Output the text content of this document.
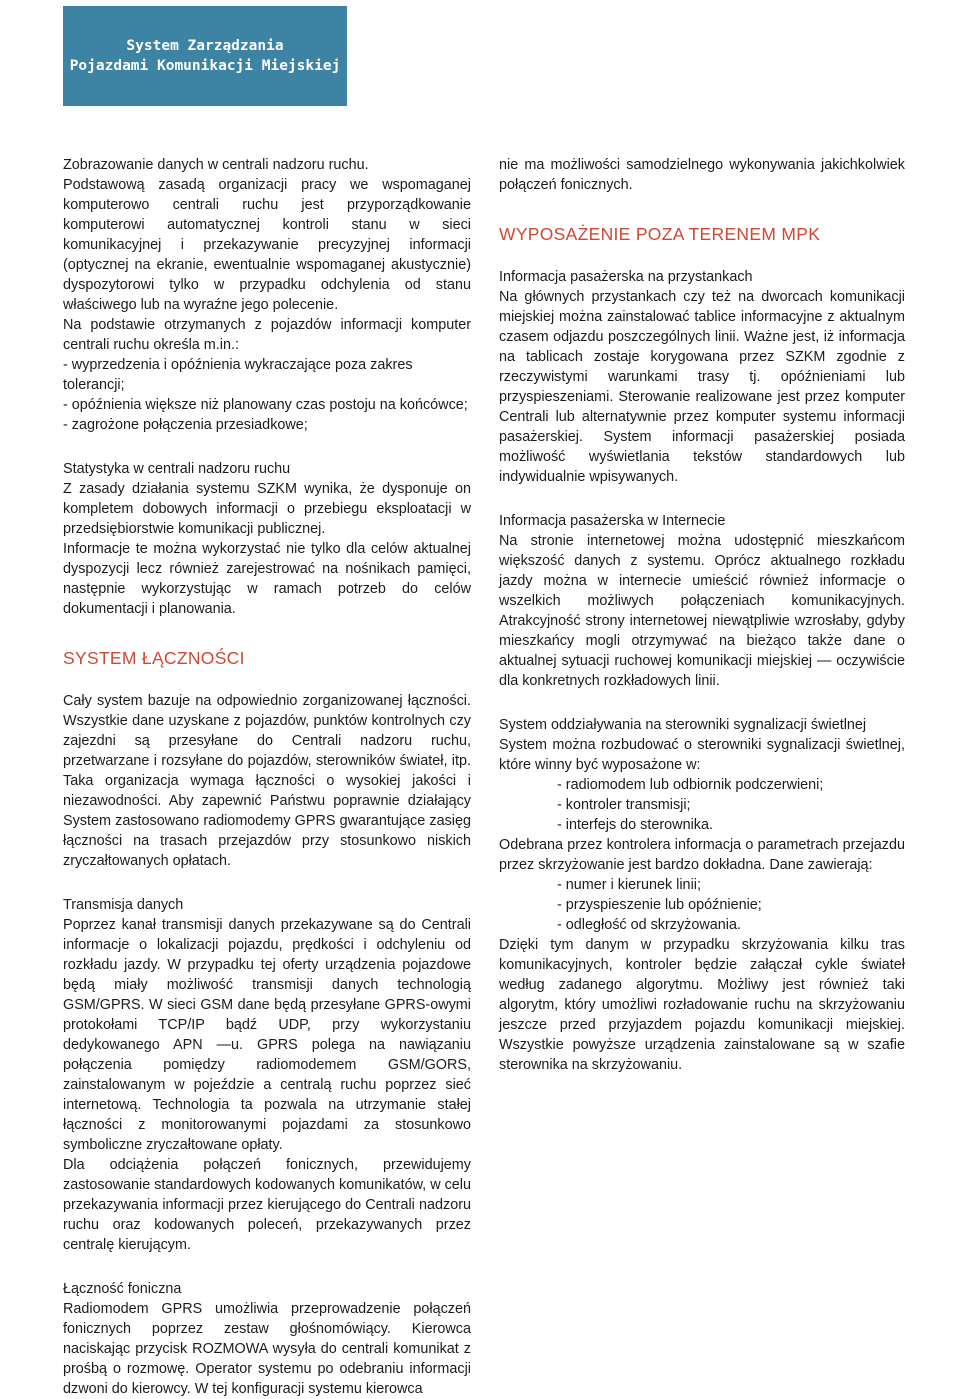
System Zarządzania
Pojazdami Komunikacji Miejskiej

Zobrazowanie danych w centrali nadzoru ruchu.

Podstawową zasadą organizacji pracy we wspomaganej komputerowo centrali ruchu jest przyporządkowanie komputerowi automatycznej kontroli stanu w sieci komunikacyjnej i przekazywanie precyzyjnej informacji (optycznej na ekranie, ewentualnie wspomaganej akustycznie) dyspozytorowi tylko w przypadku odchylenia od stanu właściwego lub na wyraźne jego polecenie.

Na podstawie otrzymanych z pojazdów informacji komputer centrali ruchu określa m.in.:

- wyprzedzenia i opóźnienia wykraczające poza zakres tolerancji;

- opóźnienia większe niż planowany czas postoju na końcówce;

- zagrożone połączenia przesiadkowe;

Statystyka w centrali nadzoru ruchu

Z zasady działania systemu SZKM wynika, że dysponuje on kompletem dobowych informacji o przebiegu eksploatacji w przedsiębiorstwie komunikacji publicznej.

Informacje te można wykorzystać nie tylko dla celów aktualnej dyspozycji lecz również zarejestrować na nośnikach pamięci, następnie wykorzystując w ramach potrzeb do celów dokumentacji i planowania.

SYSTEM ŁĄCZNOŚCI

Cały system bazuje na odpowiednio zorganizowanej łączności. Wszystkie dane uzyskane z pojazdów, punktów kontrolnych czy zajezdni są przesyłane do Centrali nadzoru ruchu, przetwarzane i rozsyłane do pojazdów, sterowników świateł, itp. Taka organizacja wymaga łączności o wysokiej jakości i niezawodności. Aby zapewnić Państwu poprawnie działający System zastosowano radiomodemy GPRS gwarantujące zasięg łączności na trasach przejazdów przy stosunkowo niskich zryczałtowanych opłatach.

Transmisja danych

Poprzez kanał transmisji danych przekazywane są do Centrali informacje o lokalizacji pojazdu, prędkości i odchyleniu od rozkładu jazdy. W przypadku tej oferty urządzenia pojazdowe będą miały możliwość transmisji danych technologią GSM/GPRS. W sieci GSM dane będą przesyłane GPRS-owymi protokołami TCP/IP bądź UDP, przy wykorzystaniu dedykowanego APN —u. GPRS polega na nawiązaniu połączenia pomiędzy radiomodemem GSM/GORS, zainstalowanym w pojeździe a centralą ruchu poprzez sieć internetową. Technologia ta pozwala na utrzymanie stałej łączności z monitorowanymi pojazdami za stosunkowo symboliczne zryczałtowane opłaty.

Dla odciążenia połączeń fonicznych, przewidujemy zastosowanie standardowych kodowanych komunikatów, w celu przekazywania informacji przez kierującego do Centrali nadzoru ruchu oraz kodowanych poleceń, przekazywanych przez centralę kierującym.

Łączność foniczna

Radiomodem GPRS umożliwia przeprowadzenie połączeń fonicznych poprzez zestaw głośnomówiący. Kierowca naciskając przycisk ROZMOWA wysyła do centrali komunikat z prośbą o rozmowę. Operator systemu po odebraniu informacji dzwoni do kierowcy. W tej konfiguracji systemu kierowca

nie ma możliwości samodzielnego wykonywania jakichkolwiek połączeń fonicznych.

WYPOSAŻENIE POZA TERENEM MPK

Informacja pasażerska na przystankach

Na głównych przystankach czy też na dworcach komunikacji miejskiej można zainstalować tablice informacyjne z aktualnym czasem odjazdu poszczególnych linii. Ważne jest, iż informacja na tablicach zostaje korygowana przez SZKM zgodnie z rzeczywistymi warunkami trasy tj. opóźnieniami lub przyspieszeniami. Sterowanie realizowane jest przez komputer Centrali lub alternatywnie przez komputer systemu informacji pasażerskiej. System informacji pasażerskiej posiada możliwość wyświetlania tekstów standardowych lub indywidualnie wpisywanych.

Informacja pasażerska w Internecie

Na stronie internetowej można udostępnić mieszkańcom większość danych z systemu. Oprócz aktualnego rozkładu jazdy można w internecie umieścić również informacje o wszelkich możliwych połączeniach komunikacyjnych. Atrakcyjność strony internetowej niewątpliwie wzrosłaby, gdyby mieszkańcy mogli otrzymywać na bieżąco także dane o aktualnej sytuacji ruchowej komunikacji miejskiej — oczywiście dla konkretnych rozkładowych linii.

System oddziaływania na sterowniki sygnalizacji świetlnej

System można rozbudować o sterowniki sygnalizacji świetlnej, które winny być wyposażone w:

- radiomodem lub odbiornik podczerwieni;

- kontroler transmisji;

- interfejs do sterownika.

Odebrana przez kontrolera informacja o parametrach przejazdu przez skrzyżowanie jest bardzo dokładna. Dane zawierają:

- numer i kierunek linii;

- przyspieszenie lub opóźnienie;

- odległość od skrzyżowania.

Dzięki tym danym w przypadku skrzyżowania kilku tras komunikacyjnych, kontroler będzie załączał cykle świateł według zadanego algorytmu. Możliwy jest również taki algorytm, który umożliwi rozładowanie ruchu na skrzyżowaniu jeszcze przed przyjazdem pojazdu komunikacji miejskiej. Wszystkie powyższe urządzenia zainstalowane są w szafie sterownika na skrzyżowaniu.
